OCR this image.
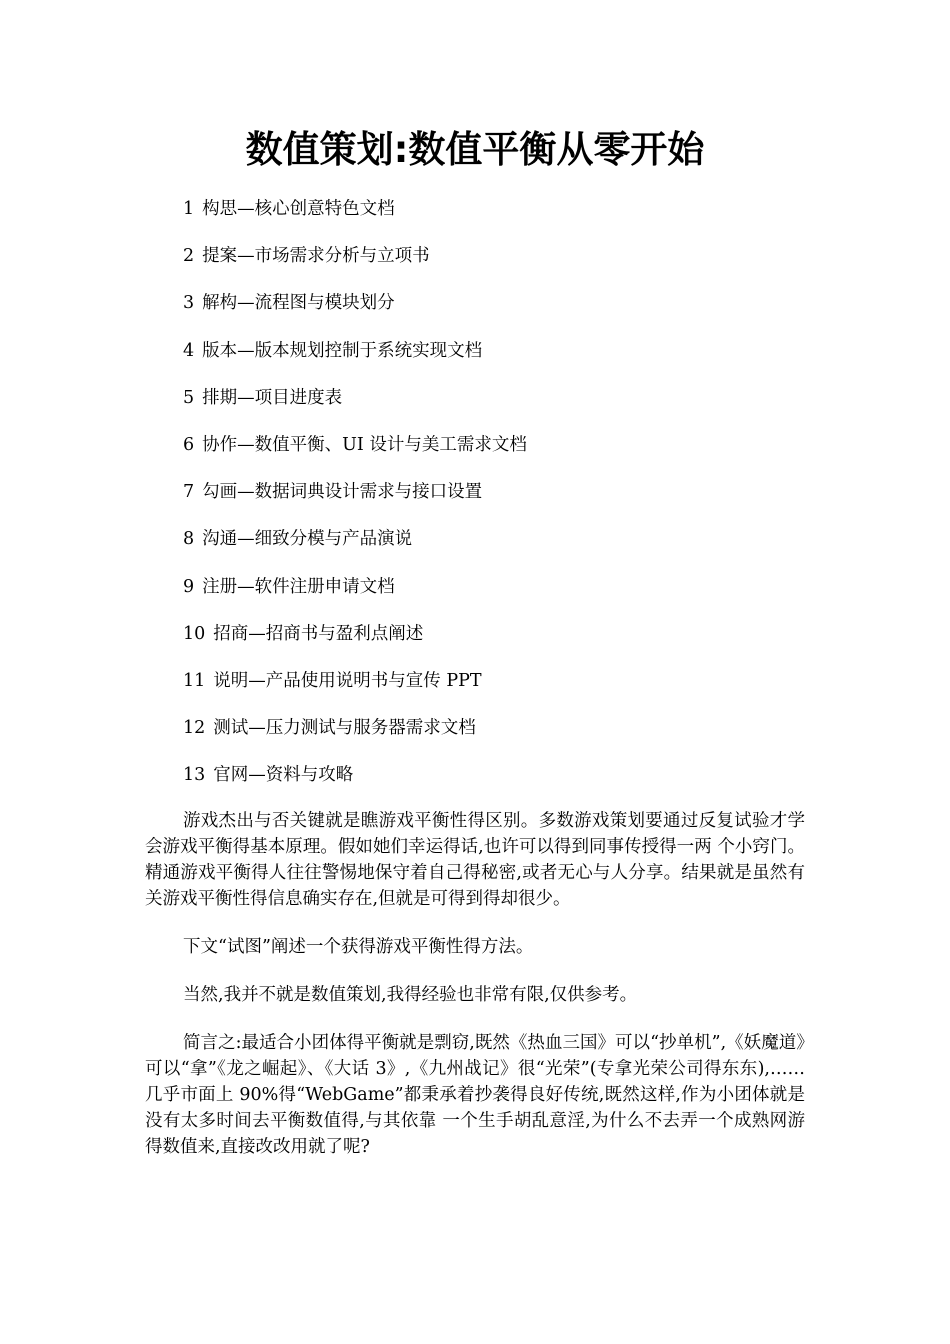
数值策划:数值平衡从零开始
1 构思—核心创意特色文档
2 提案—市场需求分析与立项书
3 解构—流程图与模块划分
4 版本—版本规划控制于系统实现文档
5 排期—项目进度表
6 协作—数值平衡、UI 设计与美工需求文档
7 勾画—数据词典设计需求与接口设置
8 沟通—细致分模与产品演说
9 注册—软件注册申请文档
10 招商—招商书与盈利点阐述
11 说明—产品使用说明书与宣传 PPT
12 测试—压力测试与服务器需求文档
13 官网—资料与攻略

游戏杰出与否关键就是瞧游戏平衡性得区别。多数游戏策划要通过反复试验才学会游戏平衡得基本原理。假如她们幸运得话,也许可以得到同事传授得一两 个小窍门。精通游戏平衡得人往往警惕地保守着自己得秘密,或者无心与人分享。结果就是虽然有关游戏平衡性得信息确实存在,但就是可得到得却很少。

下文“试图”阐述一个获得游戏平衡性得方法。

当然,我并不就是数值策划,我得经验也非常有限,仅供参考。

简言之:最适合小团体得平衡就是剽窃,既然《热血三国》可以“抄单机”,《妖魔道》可以“拿”《龙之崛起》、《大话 3》,《九州战记》很“光荣”(专拿光荣公司得东东),……几乎市面上 90%得“WebGame”都秉承着抄袭得良好传统,既然这样,作为小团体就是没有太多时间去平衡数值得,与其依靠 一个生手胡乱意淫,为什么不去弄一个成熟网游得数值来,直接改改用就了呢?
